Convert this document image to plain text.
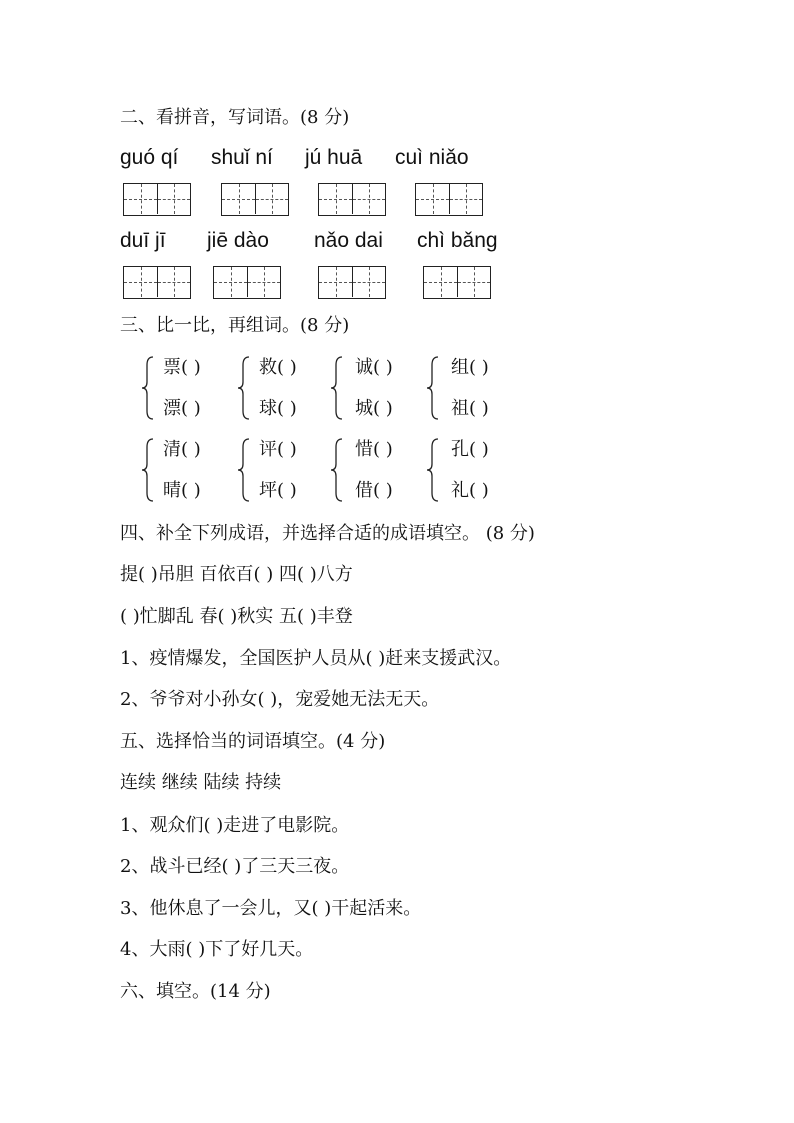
二、看拼音，写词语。(8 分)
guó qí shuǐ ní jú huā cuì niǎo
duī jī jiē dào nǎo dai chì bǎng
三、比一比，再组词。(8 分)
票( )
漂( )
救( )
球( )
诚( )
城( )
组( )
祖( )
清( )
晴( )
评( )
坪( )
惜( )
借( )
孔( )
礼( )
四、补全下列成语，并选择合适的成语填空。 (8 分)
提( )吊胆 百依百( ) 四( )八方
( )忙脚乱 春( )秋实 五( )丰登
1、疫情爆发，全国医护人员从( )赶来支援武汉。
2、爷爷对小孙女( )，宠爱她无法无天。
五、选择恰当的词语填空。(4 分)
连续 继续 陆续 持续
1、观众们( )走进了电影院。
2、战斗已经( )了三天三夜。
3、他休息了一会儿，又( )干起活来。
4、大雨( )下了好几天。
六、填空。(14 分)
